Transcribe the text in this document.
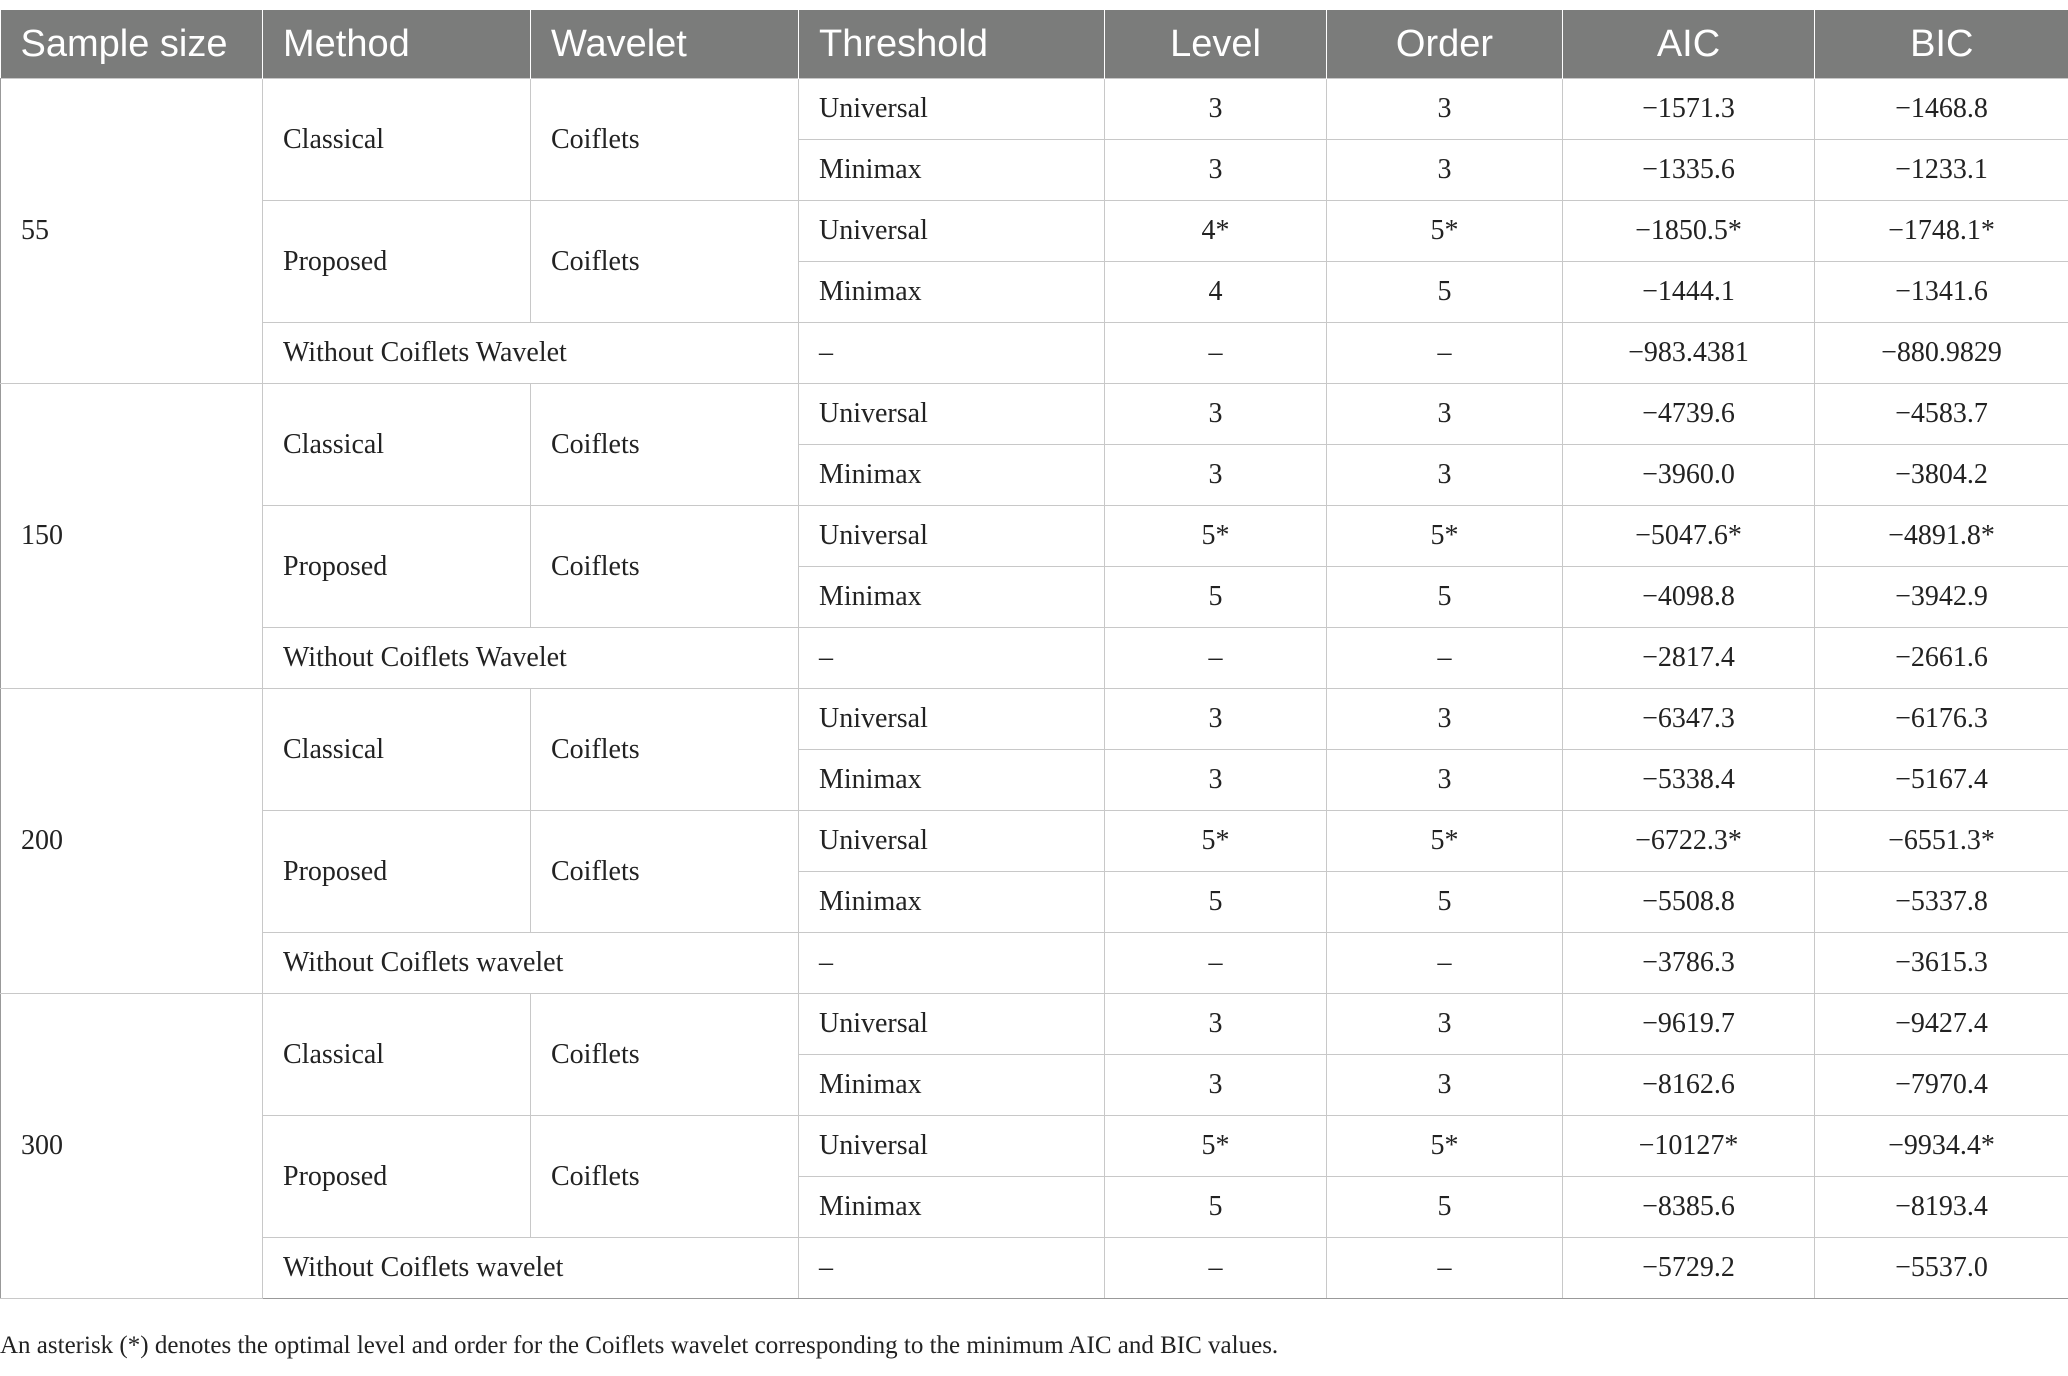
Sample size	Method	Wavelet	Threshold	Level	Order	AIC	BIC
55	Classical	Coiflets	Universal	3	3	−1571.3	−1468.8
			Minimax	3	3	−1335.6	−1233.1
	Proposed	Coiflets	Universal	4*	5*	−1850.5*	−1748.1*
			Minimax	4	5	−1444.1	−1341.6
	Without Coiflets Wavelet		–	–	–	−983.4381	−880.9829
150	Classical	Coiflets	Universal	3	3	−4739.6	−4583.7
			Minimax	3	3	−3960.0	−3804.2
	Proposed	Coiflets	Universal	5*	5*	−5047.6*	−4891.8*
			Minimax	5	5	−4098.8	−3942.9
	Without Coiflets Wavelet		–	–	–	−2817.4	−2661.6
200	Classical	Coiflets	Universal	3	3	−6347.3	−6176.3
			Minimax	3	3	−5338.4	−5167.4
	Proposed	Coiflets	Universal	5*	5*	−6722.3*	−6551.3*
			Minimax	5	5	−5508.8	−5337.8
	Without Coiflets wavelet		–	–	–	−3786.3	−3615.3
300	Classical	Coiflets	Universal	3	3	−9619.7	−9427.4
			Minimax	3	3	−8162.6	−7970.4
	Proposed	Coiflets	Universal	5*	5*	−10127*	−9934.4*
			Minimax	5	5	−8385.6	−8193.4
	Without Coiflets wavelet		–	–	–	−5729.2	−5537.0
An asterisk (*) denotes the optimal level and order for the Coiflets wavelet corresponding to the minimum AIC and BIC values.
